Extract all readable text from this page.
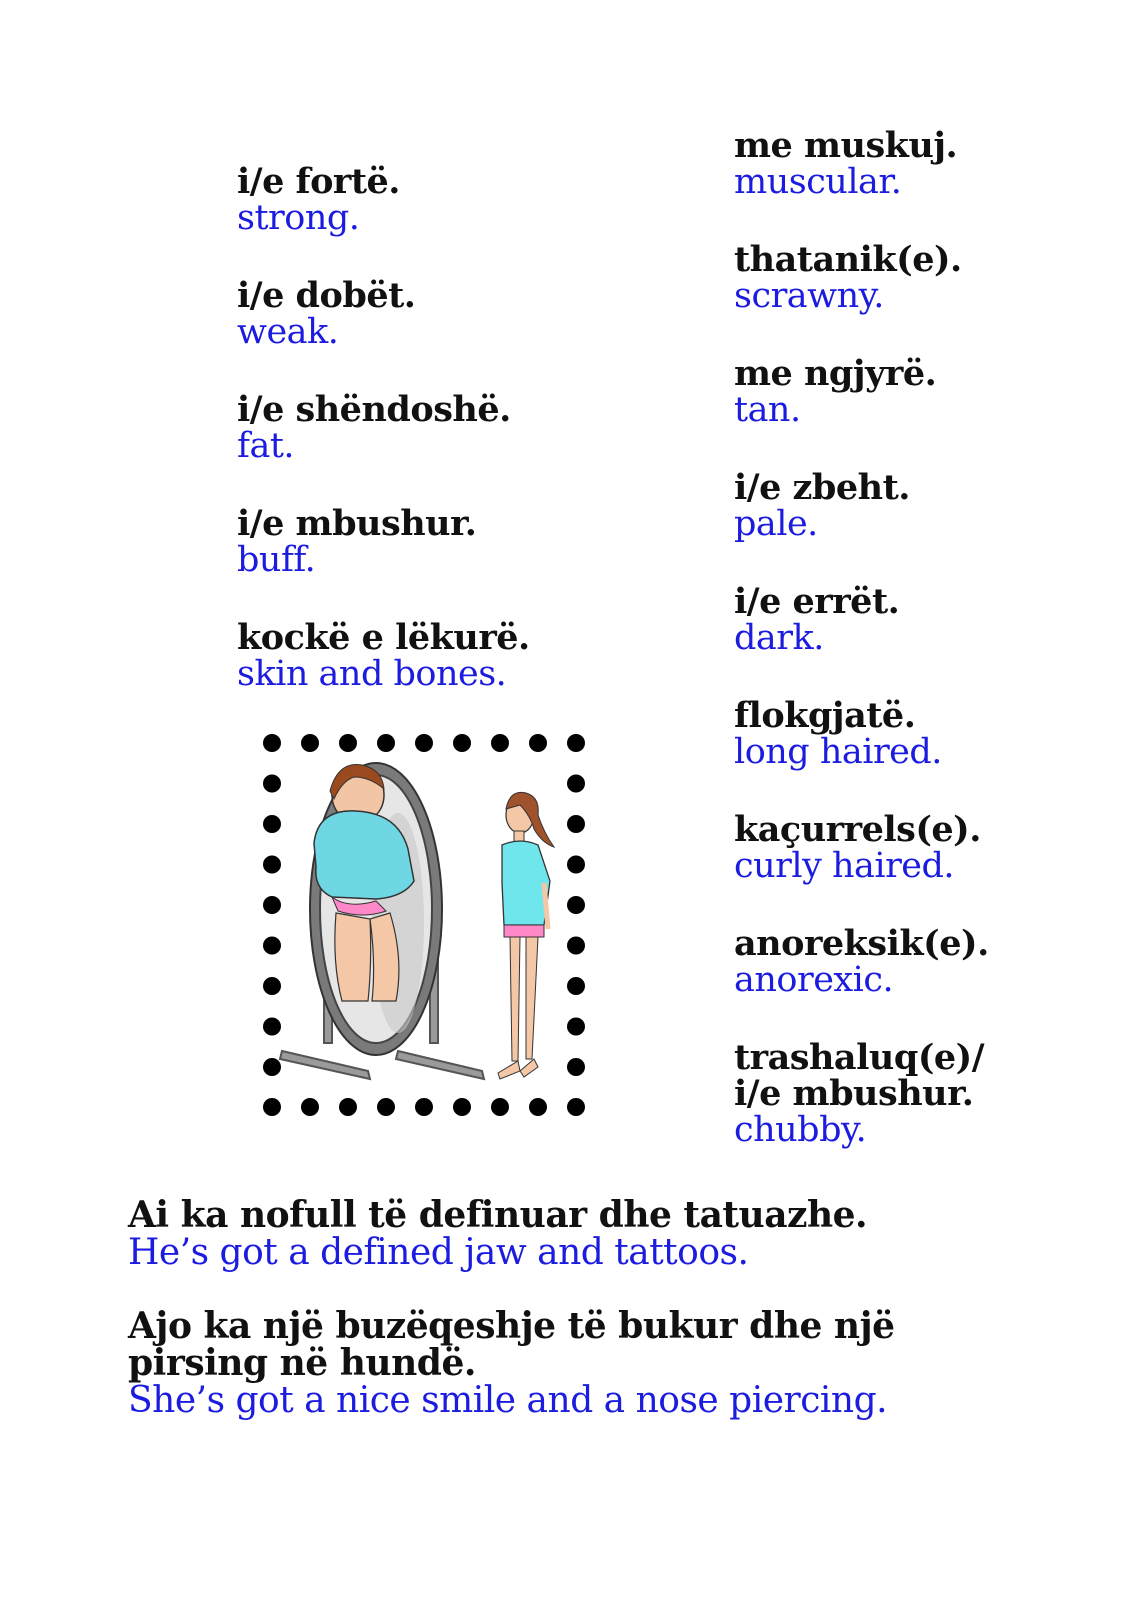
i/e fortë.
strong.
i/e dobët.
weak.
i/e shëndoshë.
fat.
i/e mbushur.
buff.
kockë e lëkurë.
skin and bones.
me muskuj.
muscular.
thatanik(e).
scrawny.
me ngjyrë.
tan.
i/e zbeht.
pale.
i/e errët.
dark.
flokgjatë.
long haired.
kaçurrels(e).
curly haired.
anoreksik(e).
anorexic.
trashaluq(e)/
i/e mbushur.
chubby.
Ai ka nofull të definuar dhe tatuazhe.
He’s got a defined jaw and tattoos.
Ajo ka një buzëqeshje të bukur dhe një
pirsing në hundë.
She’s got a nice smile and a nose piercing.
